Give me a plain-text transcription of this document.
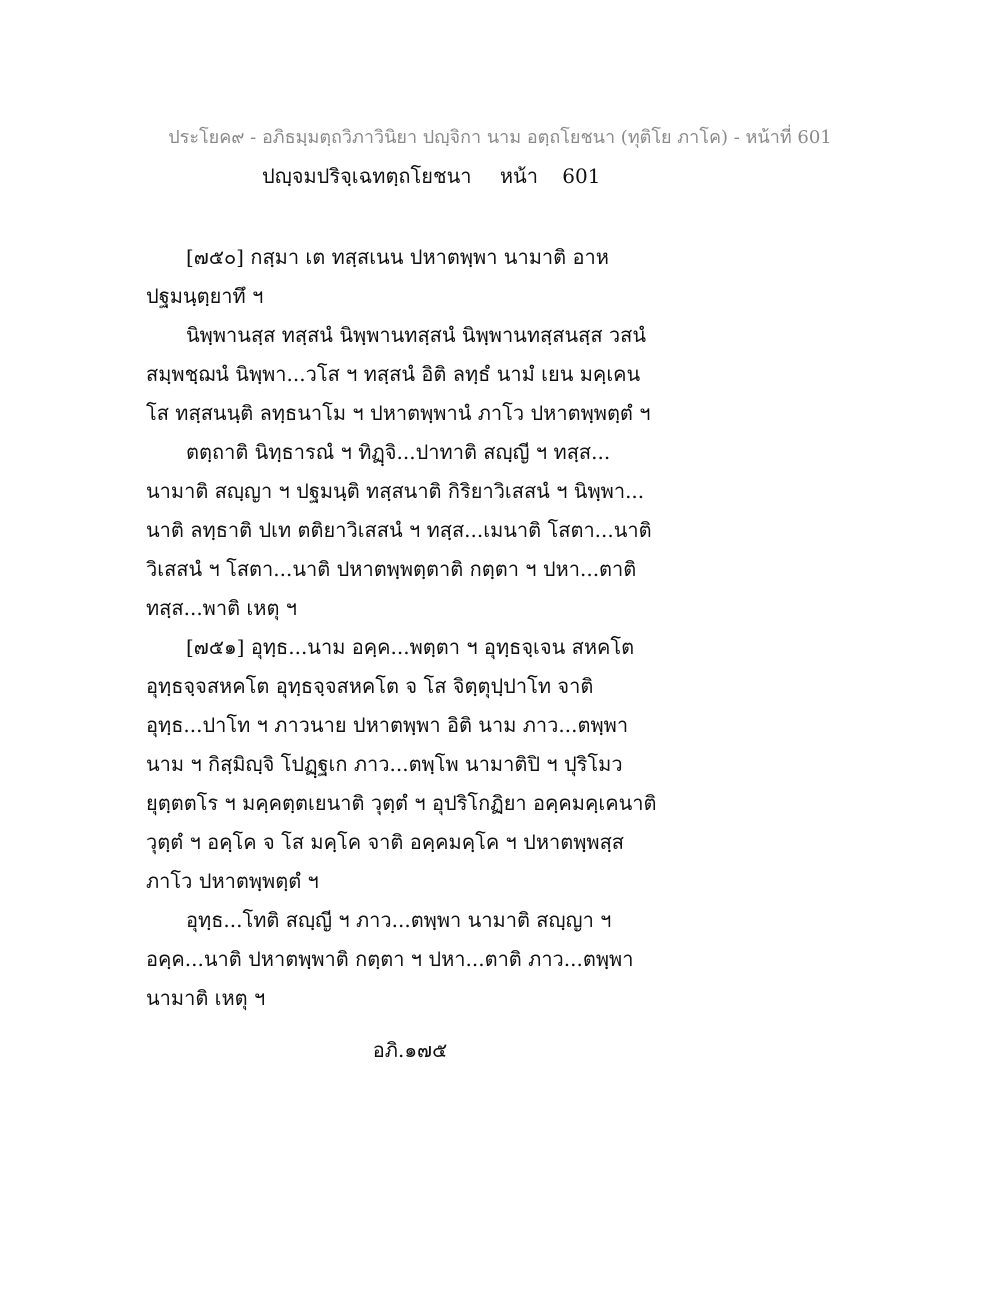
ประโยค๙ - อภิธมฺมตฺถวิภาวินิยา ปญฺจิกา นาม อตฺถโยชนา (ทุติโย ภาโค) - หน้าที่ 601
ปญฺจมปริจฺเฉทตฺถโยชนา หน้า 601
[๗๕๐] กสฺมา เต ทสฺสเนน ปหาตพฺพา นามาติ อาห
ปฐมนฺตฺยาทึ ฯ
นิพฺพานสฺส ทสฺสนํ นิพฺพานทสฺสนํ นิพฺพานทสฺสนสฺส วสนํ
สมฺพชฺฌนํ นิพฺพา...วโส ฯ ทสฺสนํ อิติ ลทฺธํ นามํ เยน มคฺเคน
โส ทสฺสนนฺติ ลทฺธนาโม ฯ ปหาตพฺพานํ ภาโว ปหาตพฺพตฺตํ ฯ
ตตฺถาติ นิทฺธารณํ ฯ ทิฏฺจิ...ปาทาติ สญฺญี ฯ ทสฺส...
นามาติ สญฺญา ฯ ปฐมนฺติ ทสฺสนาติ กิริยาวิเสสนํ ฯ นิพฺพา...
นาติ ลทฺธาติ ปเท ตติยาวิเสสนํ ฯ ทสฺส...เมนาติ โสตา...นาติ
วิเสสนํ ฯ โสตา...นาติ ปหาตพฺพตฺตาติ กตฺตา ฯ ปหา...ตาติ
ทสฺส...พาติ เหตุ ฯ
[๗๕๑] อุทฺธ...นาม อคฺค...พตฺตา ฯ อุทฺธจฺเจน สหคโต
อุทฺธจฺจสหคโต อุทฺธจฺจสหคโต จ โส จิตฺตุปฺปาโท จาติ
อุทฺธ...ปาโท ฯ ภาวนาย ปหาตพฺพา อิติ นาม ภาว...ตพฺพา
นาม ฯ กิสฺมิญฺจิ โปฏฺฐเก ภาว...ตพฺโพ นามาติปิ ฯ ปุริโมว
ยุตฺตตโร ฯ มคฺคตฺตเยนาติ วุตฺตํ ฯ อุปริโกฏิยา อคฺคมคฺเคนาติ
วุตฺตํ ฯ อคฺโค จ โส มคฺโค จาติ อคฺคมคฺโค ฯ ปหาตพฺพสฺส
ภาโว ปหาตพฺพตฺตํ ฯ
อุทฺธ...โทติ สญฺญี ฯ ภาว...ตพฺพา นามาติ สญฺญา ฯ
อคฺค...นาติ ปหาตพฺพาติ กตฺตา ฯ ปหา...ตาติ ภาว...ตพฺพา
นามาติ เหตุ ฯ
อภิ.๑๗๕
